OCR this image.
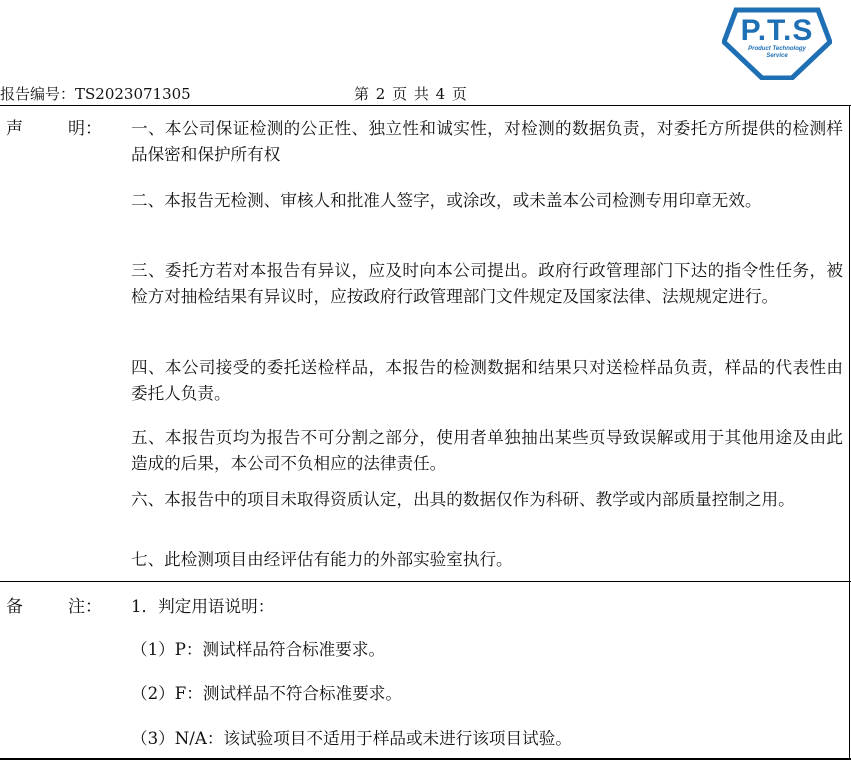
P.T.S
Product Technology
Service
报告编号：TS2023071305	第 2 页 共 4 页
声	明： 一、本公司保证检测的公正性、独立性和诚实性，对检测的数据负责，对委托方所提供的检测样品保密和保护所有权
二、本报告无检测、审核人和批准人签字，或涂改，或未盖本公司检测专用印章无效。
三、委托方若对本报告有异议，应及时向本公司提出。政府行政管理部门下达的指令性任务，被检方对抽检结果有异议时，应按政府行政管理部门文件规定及国家法律、法规规定进行。
四、本公司接受的委托送检样品，本报告的检测数据和结果只对送检样品负责，样品的代表性由委托人负责。
五、本报告页均为报告不可分割之部分，使用者单独抽出某些页导致误解或用于其他用途及由此造成的后果，本公司不负相应的法律责任。
六、本报告中的项目未取得资质认定，出具的数据仅作为科研、教学或内部质量控制之用。
七、此检测项目由经评估有能力的外部实验室执行。
备	注： 1．判定用语说明：
（1）P：测试样品符合标准要求。
（2）F：测试样品不符合标准要求。
（3）N/A：该试验项目不适用于样品或未进行该项目试验。
